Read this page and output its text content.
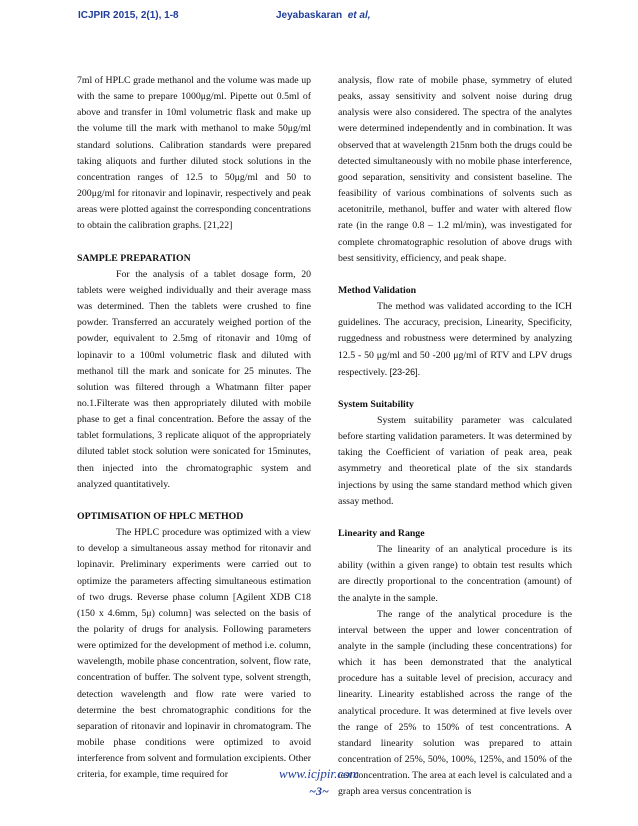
ICJPIR 2015, 2(1), 1-8	Jeyabaskaran et al,

7ml of HPLC grade methanol and the volume was made up with the same to prepare 1000μg/ml. Pipette out 0.5ml of above and transfer in 10ml volumetric flask and make up the volume till the mark with methanol to make 50μg/ml standard solutions. Calibration standards were prepared taking aliquots and further diluted stock solutions in the concentration ranges of 12.5 to 50μg/ml and 50 to 200μg/ml for ritonavir and lopinavir, respectively and peak areas were plotted against the corresponding concentrations to obtain the calibration graphs. [21,22]

SAMPLE PREPARATION

For the analysis of a tablet dosage form, 20 tablets were weighed individually and their average mass was determined. Then the tablets were crushed to fine powder. Transferred an accurately weighed portion of the powder, equivalent to 2.5mg of ritonavir and 10mg of lopinavir to a 100ml volumetric flask and diluted with methanol till the mark and sonicate for 25 minutes. The solution was filtered through a Whatmann filter paper no.1.Filterate was then appropriately diluted with mobile phase to get a final concentration. Before the assay of the tablet formulations, 3 replicate aliquot of the appropriately diluted tablet stock solution were sonicated for 15minutes, then injected into the chromatographic system and analyzed quantitatively.

OPTIMISATION OF HPLC METHOD

The HPLC procedure was optimized with a view to develop a simultaneous assay method for ritonavir and lopinavir. Preliminary experiments were carried out to optimize the parameters affecting simultaneous estimation of two drugs. Reverse phase column [Agilent XDB C18 (150 x 4.6mm, 5μ) column] was selected on the basis of the polarity of drugs for analysis. Following parameters were optimized for the development of method i.e. column, wavelength, mobile phase concentration, solvent, flow rate, concentration of buffer. The solvent type, solvent strength, detection wavelength and flow rate were varied to determine the best chromatographic conditions for the separation of ritonavir and lopinavir in chromatogram. The mobile phase conditions were optimized to avoid interference from solvent and formulation excipients. Other criteria, for example, time required for

analysis, flow rate of mobile phase, symmetry of eluted peaks, assay sensitivity and solvent noise during drug analysis were also considered. The spectra of the analytes were determined independently and in combination. It was observed that at wavelength 215nm both the drugs could be detected simultaneously with no mobile phase interference, good separation, sensitivity and consistent baseline. The feasibility of various combinations of solvents such as acetonitrile, methanol, buffer and water with altered flow rate (in the range 0.8 – 1.2 ml/min), was investigated for complete chromatographic resolution of above drugs with best sensitivity, efficiency, and peak shape.

Method Validation

The method was validated according to the ICH guidelines. The accuracy, precision, Linearity, Specificity, ruggedness and robustness were determined by analyzing 12.5 - 50 μg/ml and 50 -200 μg/ml of RTV and LPV drugs respectively. [23-26].

System Suitability

System suitability parameter was calculated before starting validation parameters. It was determined by taking the Coefficient of variation of peak area, peak asymmetry and theoretical plate of the six standards injections by using the same standard method which given assay method.

Linearity and Range

The linearity of an analytical procedure is its ability (within a given range) to obtain test results which are directly proportional to the concentration (amount) of the analyte in the sample.

The range of the analytical procedure is the interval between the upper and lower concentration of analyte in the sample (including these concentrations) for which it has been demonstrated that the analytical procedure has a suitable level of precision, accuracy and linearity. Linearity established across the range of the analytical procedure. It was determined at five levels over the range of 25% to 150% of test concentrations. A standard linearity solution was prepared to attain concentration of 25%, 50%, 100%, 125%, and 150% of the test concentration. The area at each level is calculated and a graph area versus concentration is

www.icjpir.com
~3~
